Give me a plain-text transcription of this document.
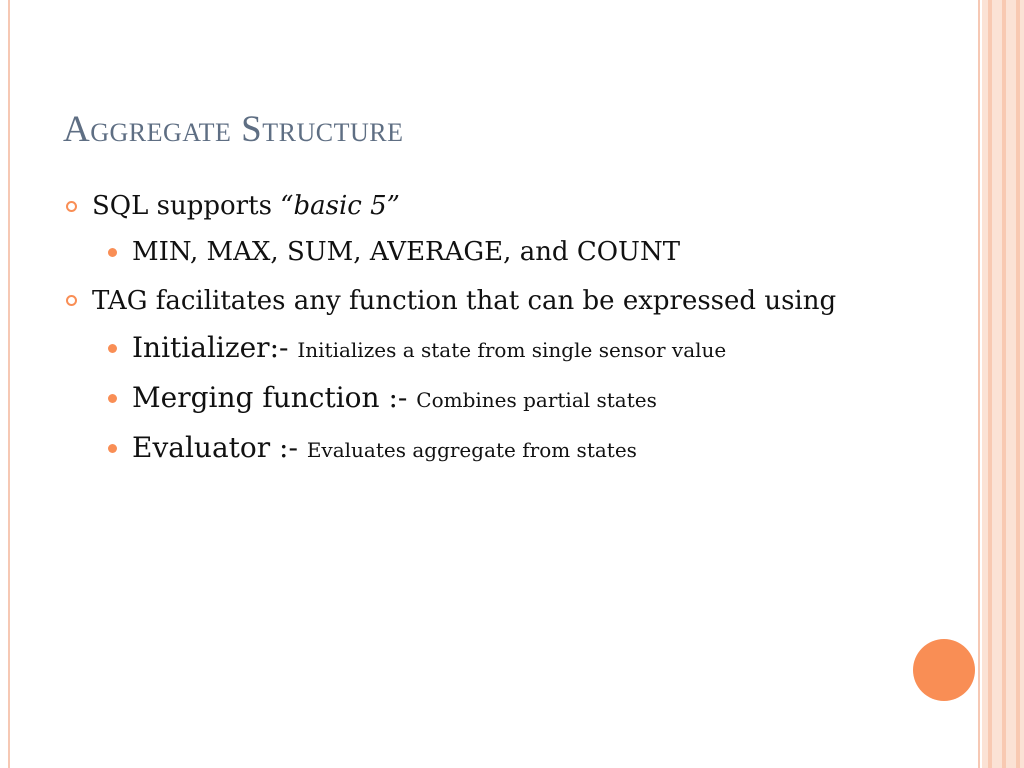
Aggregate Structure
SQL supports “basic 5”
MIN, MAX, SUM, AVERAGE, and COUNT
TAG facilitates any function that can be expressed using
Initializer:- Initializes a state from single sensor value
Merging function :- Combines partial states
Evaluator :- Evaluates aggregate from states
